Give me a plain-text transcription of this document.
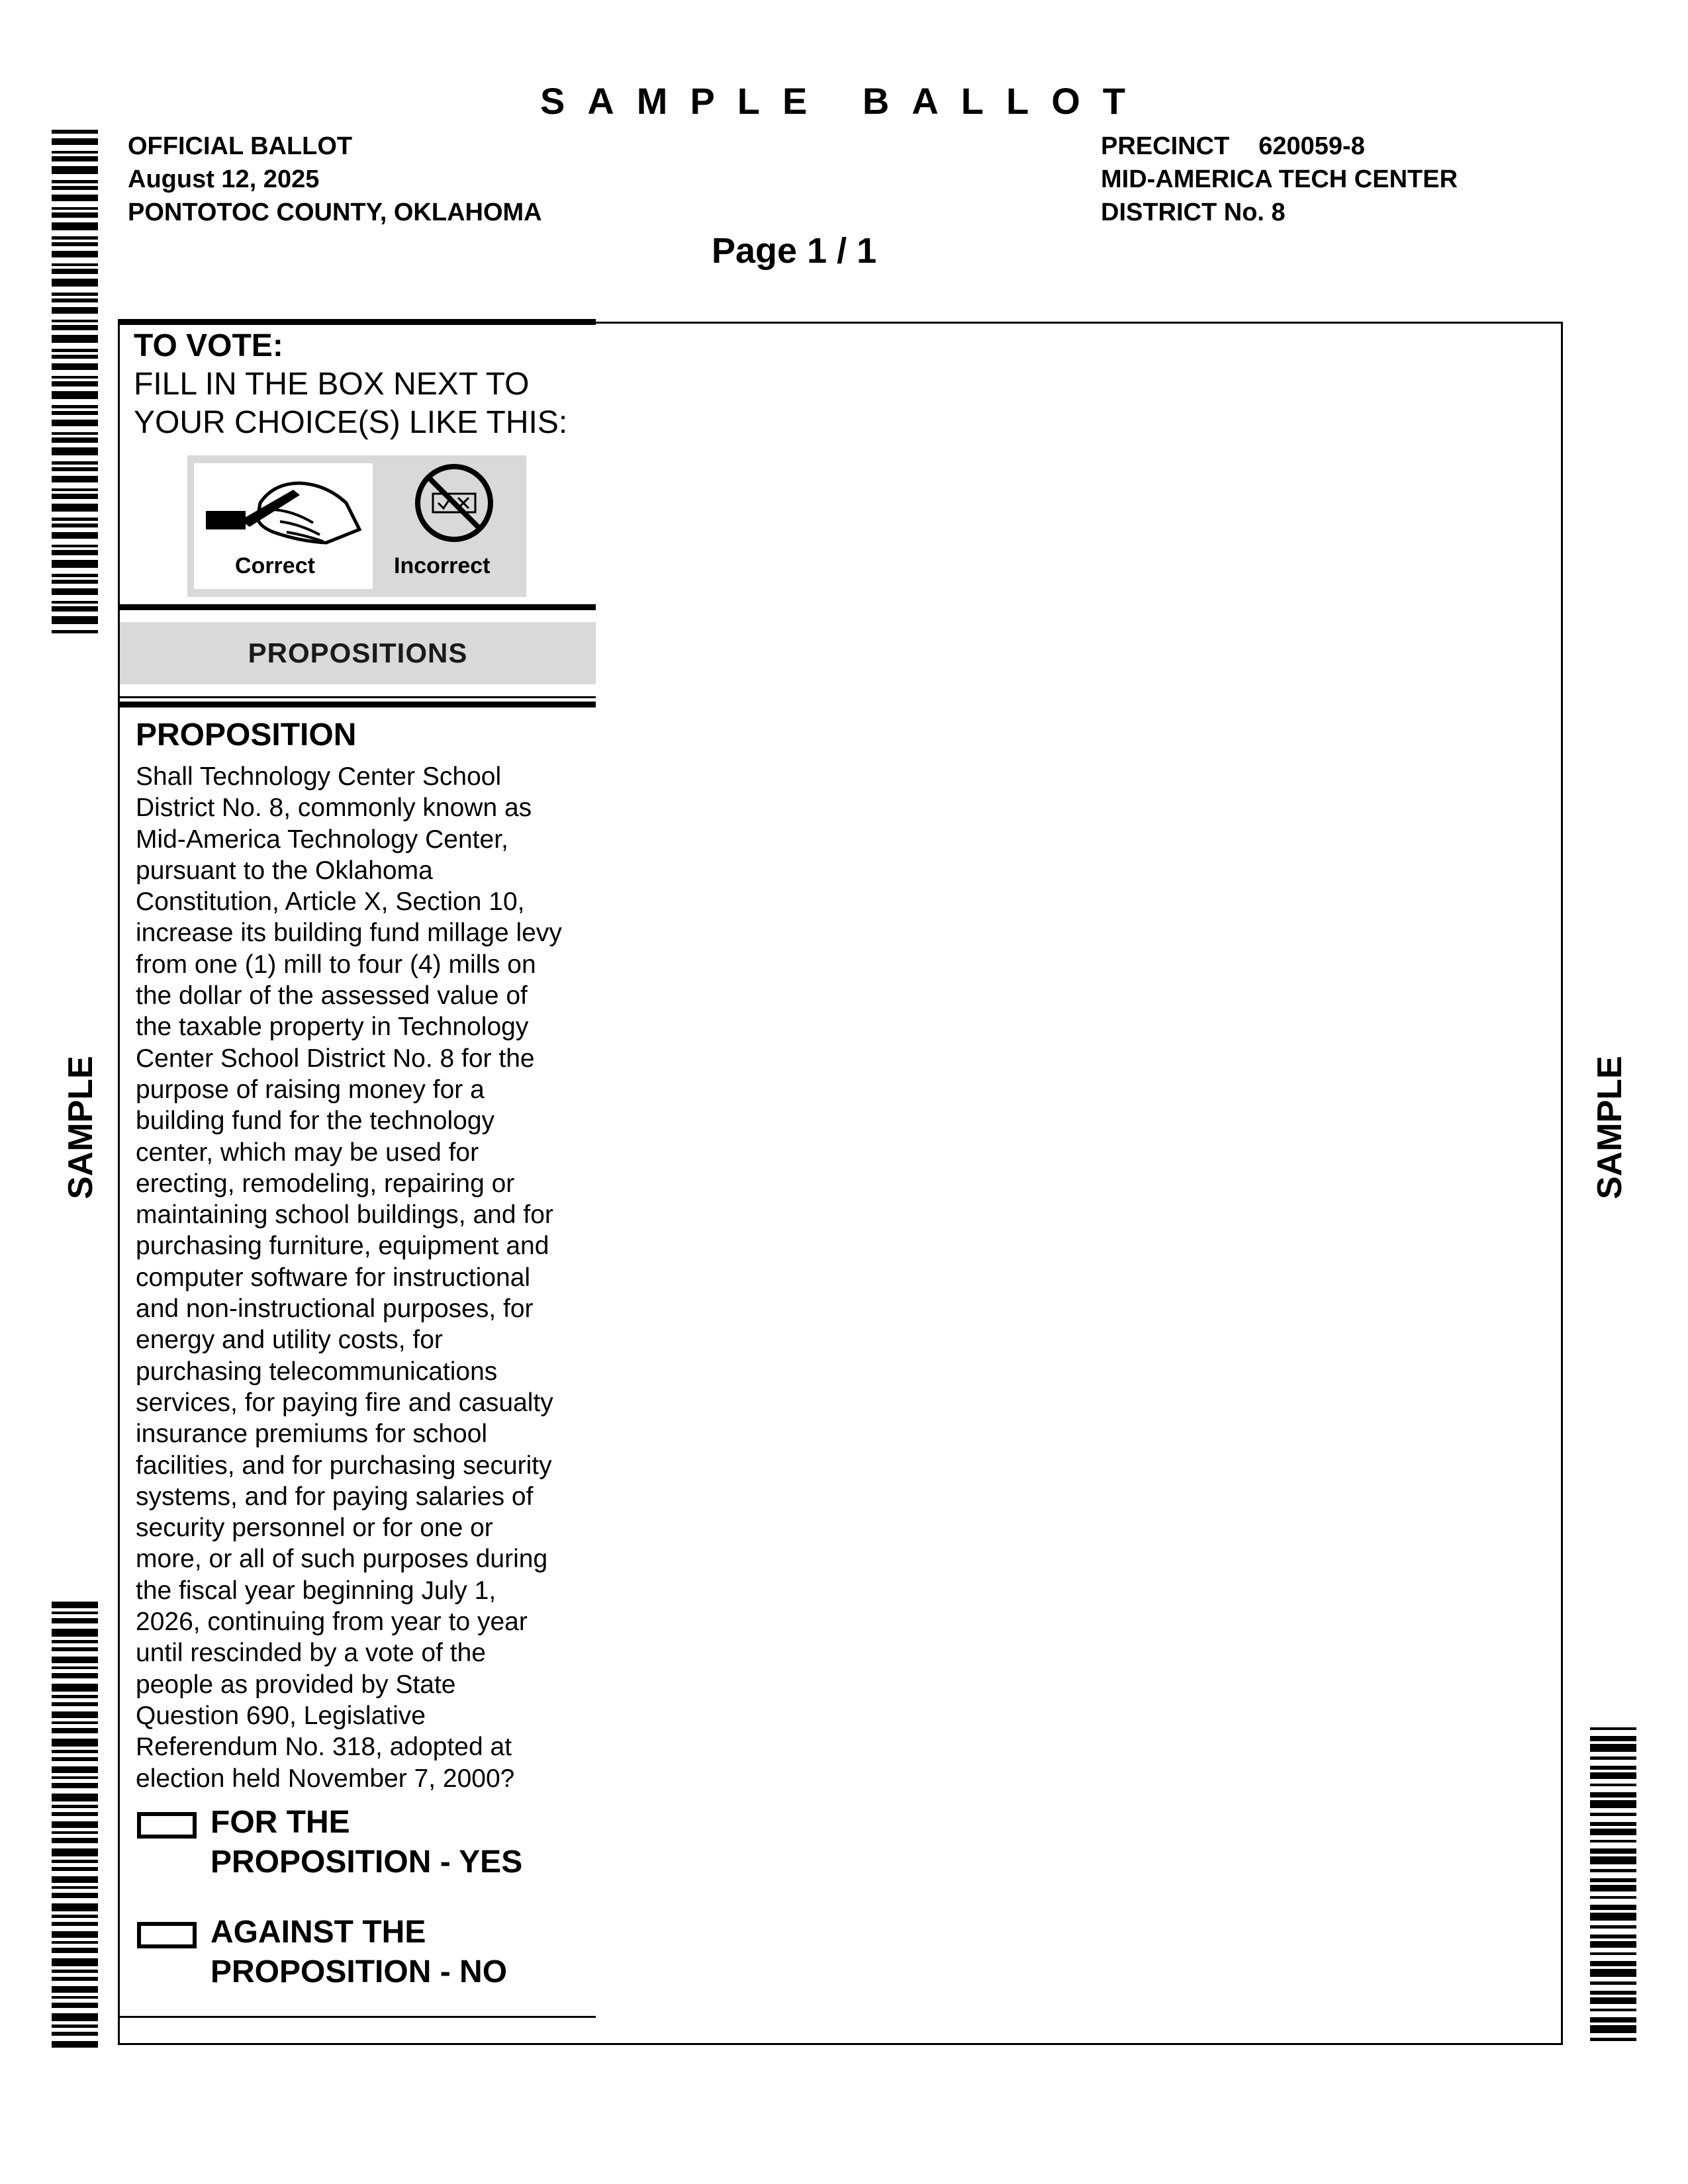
SAMPLE BALLOT
OFFICIAL BALLOT
August 12, 2025
PONTOTOC COUNTY, OKLAHOMA
PRECINCT 620059-8
MID-AMERICA TECH CENTER
DISTRICT No. 8
Page 1 / 1
TO VOTE:
FILL IN THE BOX NEXT TO
YOUR CHOICE(S) LIKE THIS:
Correct	Incorrect
PROPOSITIONS
PROPOSITION
Shall Technology Center School
District No. 8, commonly known as
Mid-America Technology Center,
pursuant to the Oklahoma
Constitution, Article X, Section 10,
increase its building fund millage levy
from one (1) mill to four (4) mills on
the dollar of the assessed value of
the taxable property in Technology
Center School District No. 8 for the
purpose of raising money for a
building fund for the technology
center, which may be used for
erecting, remodeling, repairing or
maintaining school buildings, and for
purchasing furniture, equipment and
computer software for instructional
and non-instructional purposes, for
energy and utility costs, for
purchasing telecommunications
services, for paying fire and casualty
insurance premiums for school
facilities, and for purchasing security
systems, and for paying salaries of
security personnel or for one or
more, or all of such purposes during
the fiscal year beginning July 1,
2026, continuing from year to year
until rescinded by a vote of the
people as provided by State
Question 690, Legislative
Referendum No. 318, adopted at
election held November 7, 2000?
FOR THE
PROPOSITION - YES
AGAINST THE
PROPOSITION - NO
SAMPLE	SAMPLE
